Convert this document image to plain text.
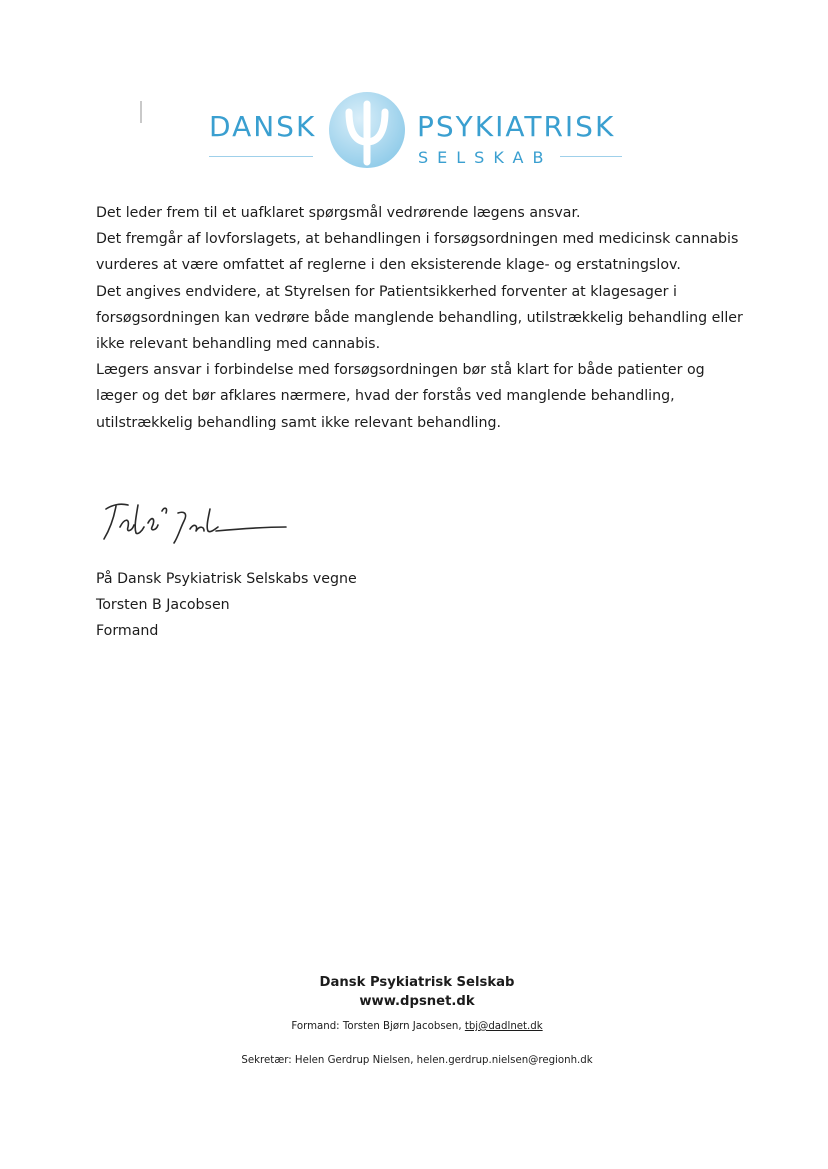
DANSK	PSYKIATRISK
SELSKAB

Det leder frem til et uafklaret spørgsmål vedrørende lægens ansvar.

Det fremgår af lovforslagets, at behandlingen i forsøgsordningen med medicinsk cannabis vurderes at være omfattet af reglerne i den eksisterende klage- og erstatningslov.

Det angives endvidere, at Styrelsen for Patientsikkerhed forventer at klagesager i forsøgsordningen kan vedrøre både manglende behandling, utilstrækkelig behandling eller ikke relevant behandling med cannabis.

Lægers ansvar i forbindelse med forsøgsordningen bør stå klart for både patienter og læger og det bør afklares nærmere, hvad der forstås ved manglende behandling, utilstrækkelig behandling samt ikke relevant behandling.

På Dansk Psykiatrisk Selskabs vegne
Torsten B Jacobsen
Formand
Dansk Psykiatrisk Selskab
www.dpsnet.dk
Formand: Torsten Bjørn Jacobsen, tbj@dadlnet.dk
Sekretær: Helen Gerdrup Nielsen, helen.gerdrup.nielsen@regionh.dk
